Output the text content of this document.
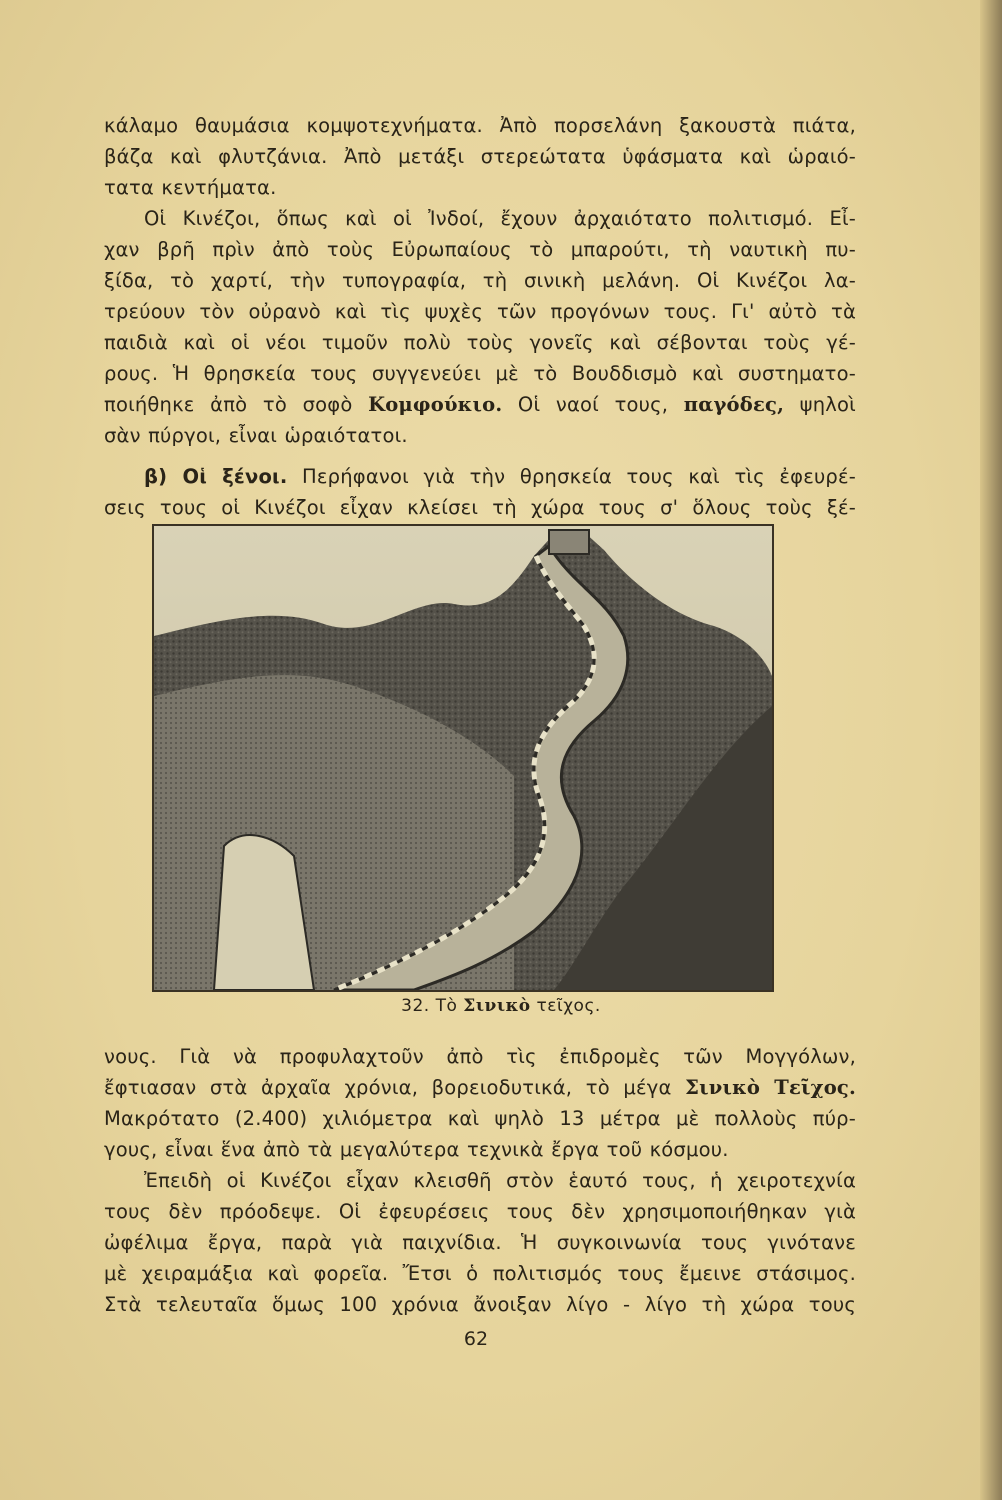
κάλαμο θαυμάσια κομψοτεχνήματα. Ἀπὸ πορσελάνη ξακουστὰ πιάτα,
βάζα καὶ φλυτζάνια. Ἀπὸ μετάξι στερεώτατα ὑφάσματα καὶ ὡραιό-
τατα κεντήματα.
Οἱ Κινέζοι, ὅπως καὶ οἱ Ἰνδοί, ἔχουν ἀρχαιότατο πολιτισμό. Εἶ-
χαν βρῆ πρὶν ἀπὸ τοὺς Εὐρωπαίους τὸ μπαρούτι, τὴ ναυτικὴ πυ-
ξίδα, τὸ χαρτί, τὴν τυπογραφία, τὴ σινικὴ μελάνη. Οἱ Κινέζοι λα-
τρεύουν τὸν οὐρανὸ καὶ τὶς ψυχὲς τῶν προγόνων τους. Γι' αὐτὸ τὰ
παιδιὰ καὶ οἱ νέοι τιμοῦν πολὺ τοὺς γονεῖς καὶ σέβονται τοὺς γέ-
ρους. Ἡ θρησκεία τους συγγενεύει μὲ τὸ Βουδδισμὸ καὶ συστηματο-
ποιήθηκε ἀπὸ τὸ σοφὸ Κομφούκιο. Οἱ ναοί τους, παγόδες, ψηλοὶ
σὰν πύργοι, εἶναι ὡραιότατοι.
β) Οἱ ξένοι. Περήφανοι γιὰ τὴν θρησκεία τους καὶ τὶς ἐφευρέ-
σεις τους οἱ Κινέζοι εἶχαν κλείσει τὴ χώρα τους σ' ὅλους τοὺς ξέ-
32. Τὸ Σινικὸ τεῖχος.
νους. Γιὰ νὰ προφυλαχτοῦν ἀπὸ τὶς ἐπιδρομὲς τῶν Μογγόλων,
ἔφτιασαν στὰ ἀρχαῖα χρόνια, βορειοδυτικά, τὸ μέγα Σινικὸ Τεῖχος.
Μακρότατο (2.400) χιλιόμετρα καὶ ψηλὸ 13 μέτρα μὲ πολλοὺς πύρ-
γους, εἶναι ἕνα ἀπὸ τὰ μεγαλύτερα τεχνικὰ ἔργα τοῦ κόσμου.
Ἐπειδὴ οἱ Κινέζοι εἶχαν κλεισθῆ στὸν ἑαυτό τους, ἡ χειροτεχνία
τους δὲν πρόοδεψε. Οἱ ἐφευρέσεις τους δὲν χρησιμοποιήθηκαν γιὰ
ὠφέλιμα ἔργα, παρὰ γιὰ παιχνίδια. Ἡ συγκοινωνία τους γινότανε
μὲ χειραμάξια καὶ φορεῖα. Ἔτσι ὁ πολιτισμός τους ἔμεινε στάσιμος.
Στὰ τελευταῖα ὅμως 100 χρόνια ἄνοιξαν λίγο - λίγο τὴ χώρα τους
62
